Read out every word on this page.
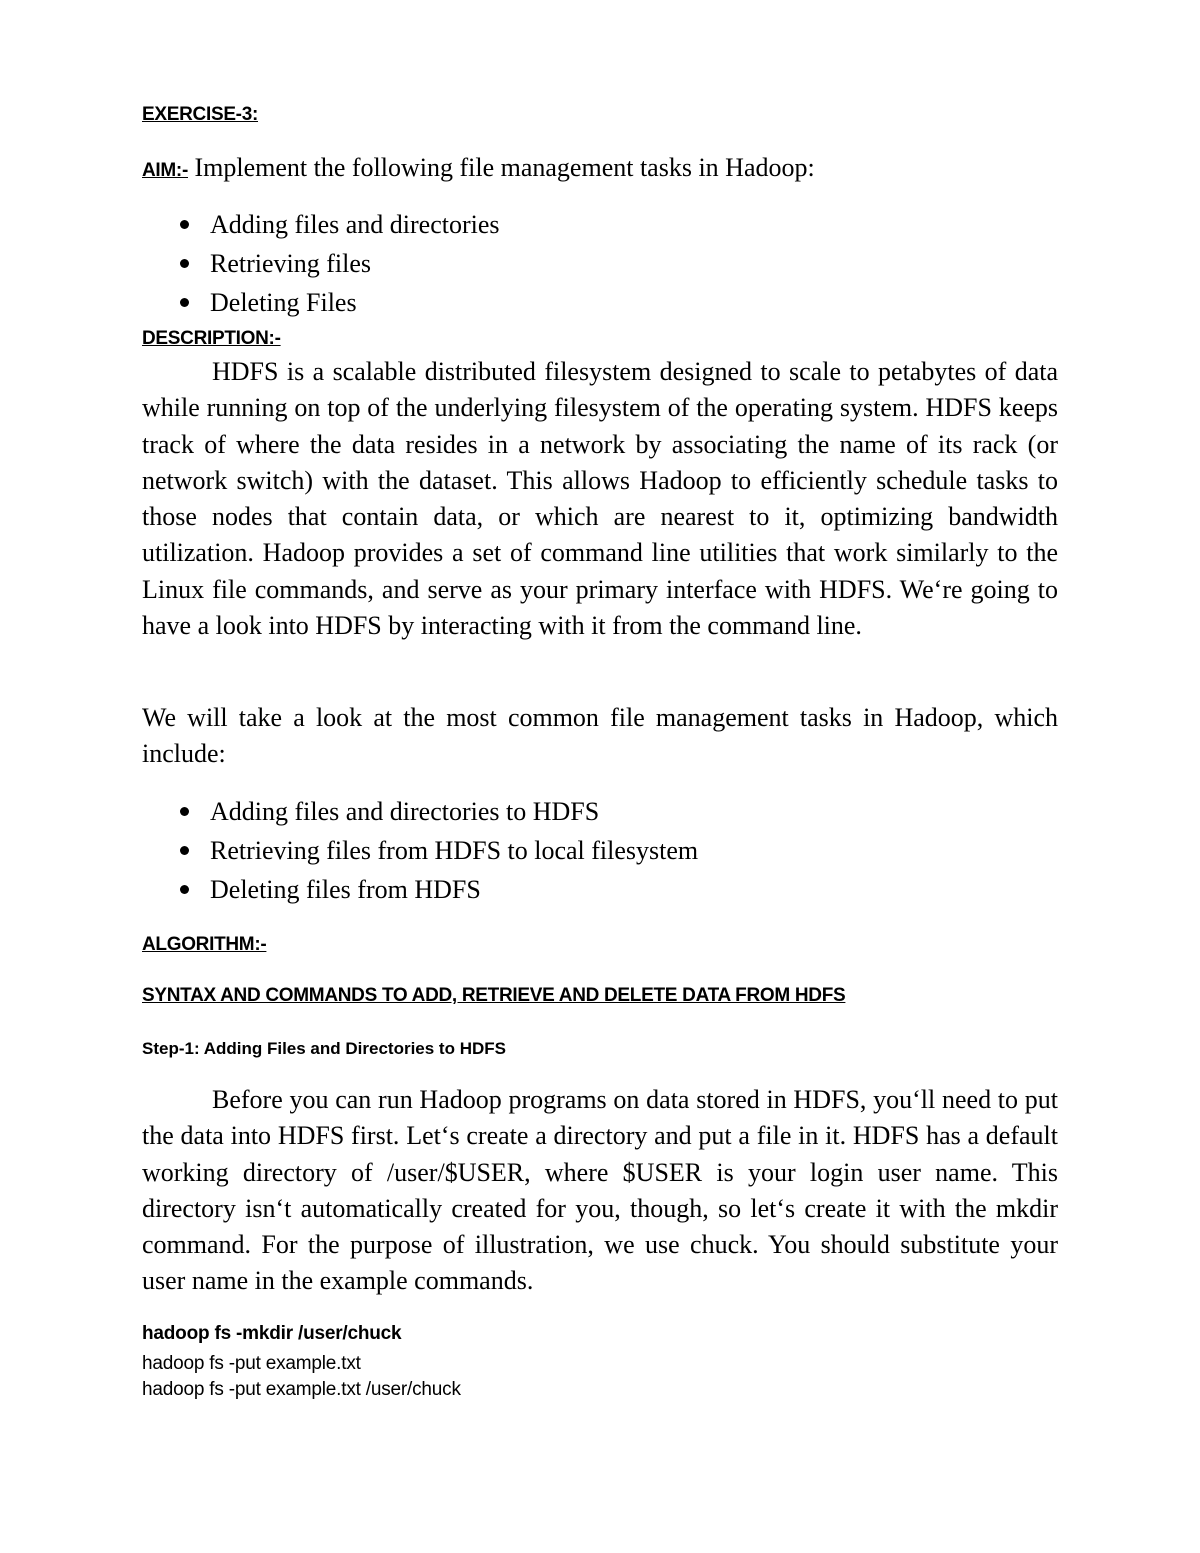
EXERCISE-3:
AIM:- Implement the following file management tasks in Hadoop:
Adding files and directories
Retrieving files
Deleting Files
DESCRIPTION:-
HDFS is a scalable distributed filesystem designed to scale to petabytes of data while running on top of the underlying filesystem of the operating system. HDFS keeps track of where the data resides in a network by associating the name of its rack (or network switch) with the dataset. This allows Hadoop to efficiently schedule tasks to those nodes that contain data, or which are nearest to it, optimizing bandwidth utilization. Hadoop provides a set of command line utilities that work similarly to the Linux file commands, and serve as your primary interface with HDFS. We‘re going to have a look into HDFS by interacting with it from the command line.
We will take a look at the most common file management tasks in Hadoop, which include:
Adding files and directories to HDFS
Retrieving files from HDFS to local filesystem
Deleting files from HDFS
ALGORITHM:-
SYNTAX AND COMMANDS TO ADD, RETRIEVE AND DELETE DATA FROM HDFS
Step-1: Adding Files and Directories to HDFS
Before you can run Hadoop programs on data stored in HDFS, you‘ll need to put the data into HDFS first. Let‘s create a directory and put a file in it. HDFS has a default working directory of /user/$USER, where $USER is your login user name. This directory isn‘t automatically created for you, though, so let‘s create it with the mkdir command. For the purpose of illustration, we use chuck. You should substitute your user name in the example commands.
hadoop fs -mkdir /user/chuck
hadoop fs -put example.txt
hadoop fs -put example.txt /user/chuck
